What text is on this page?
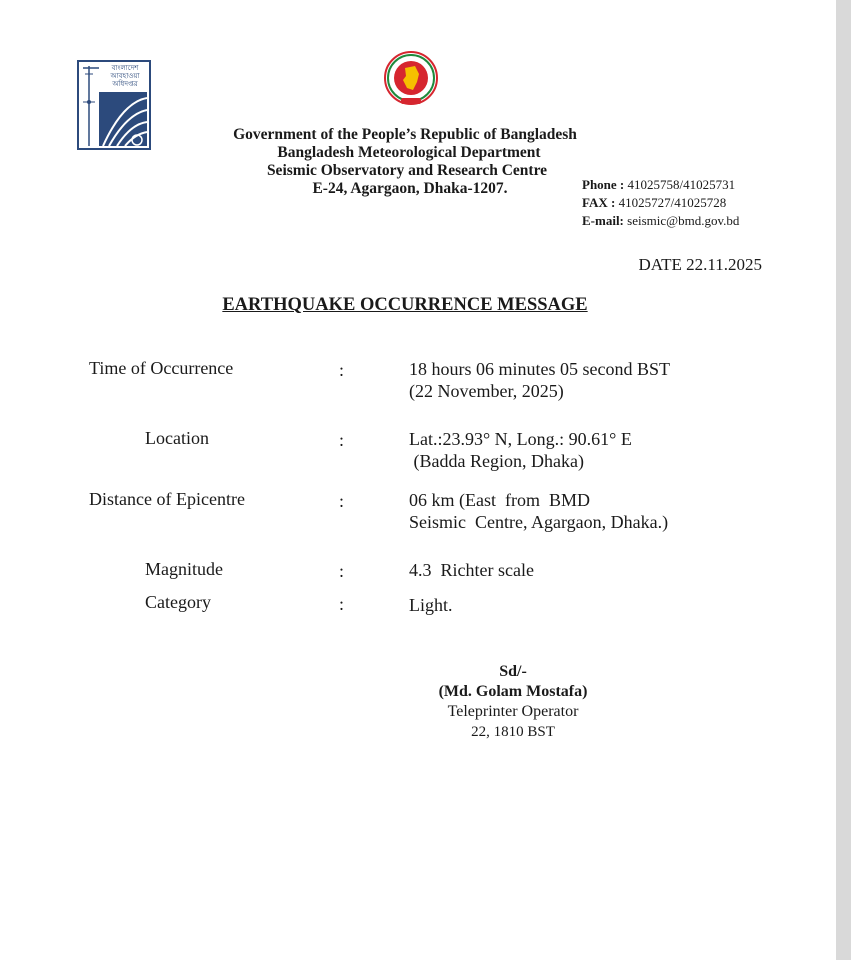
বাংলাদেশ
আবহাওয়া
অধিদপ্তর
Government of the People’s Republic of Bangladesh
Bangladesh Meteorological Department
Seismic Observatory and Research Centre
E-24, Agargaon, Dhaka-1207.	Phone : 41025758/41025731
FAX : 41025727/41025728
E-mail: seismic@bmd.gov.bd
DATE 22.11.2025
EARTHQUAKE OCCURRENCE MESSAGE
Time of Occurrence	:	18 hours 06 minutes 05 second BST
(22 November, 2025)
Location	:	Lat.:23.93° N, Long.: 90.61° E
(Badda Region, Dhaka)
Distance of Epicentre	:	06 km (East  from  BMD
Seismic  Centre, Agargaon, Dhaka.)
Magnitude	:	4.3  Richter scale
Category	:	Light.
Sd/-
(Md. Golam Mostafa)
Teleprinter Operator
22, 1810 BST
